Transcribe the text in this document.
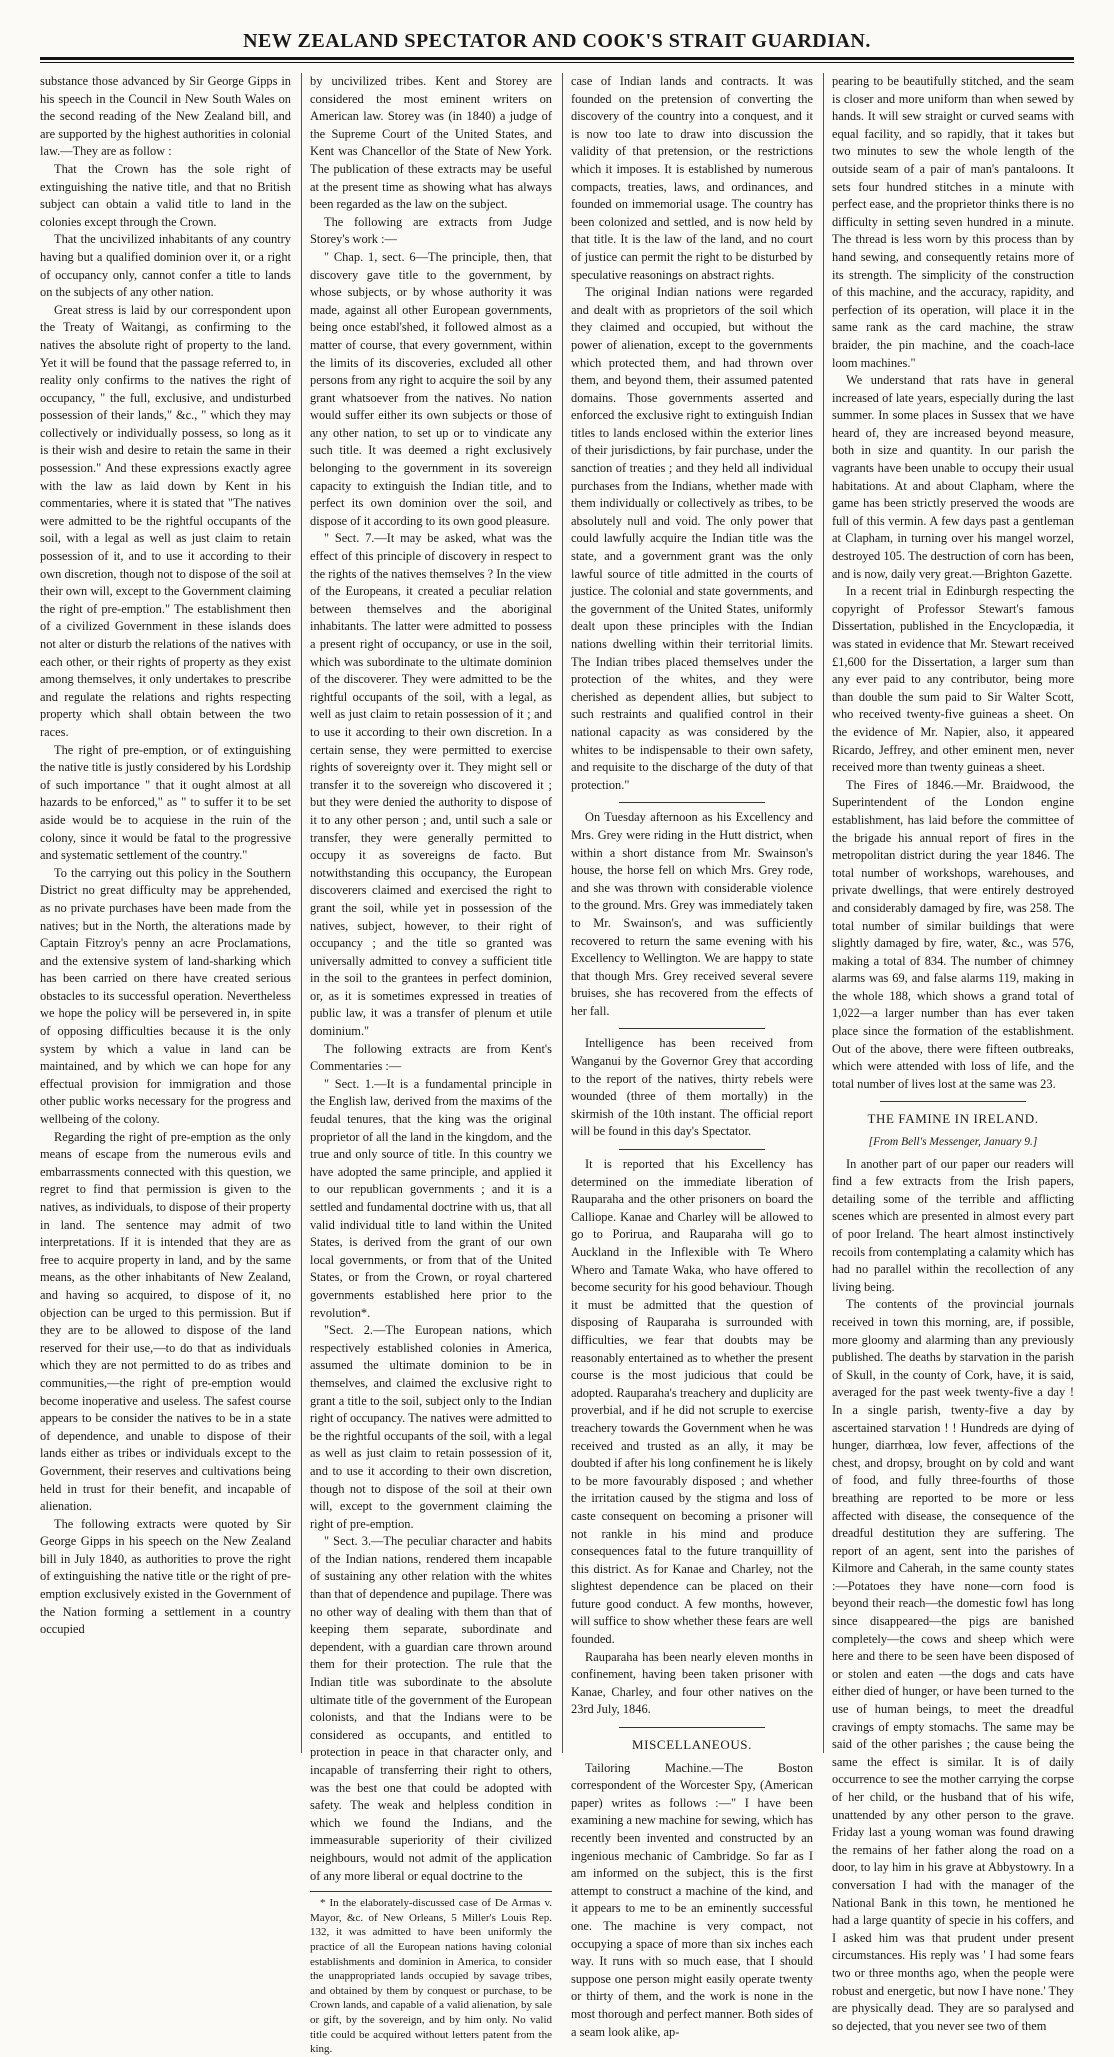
NEW ZEALAND SPECTATOR AND COOK'S STRAIT GUARDIAN.

substance those advanced by Sir George Gipps in his speech in the Council in New South Wales on the second reading of the New Zealand bill, and are supported by the highest authorities in colonial law.—They are as follow :

That the Crown has the sole right of extinguishing the native title, and that no British subject can obtain a valid title to land in the colonies except through the Crown.

That the uncivilized inhabitants of any country having but a qualified dominion over it, or a right of occupancy only, cannot confer a title to lands on the subjects of any other nation.

Great stress is laid by our correspondent upon the Treaty of Waitangi, as confirming to the natives the absolute right of property to the land. Yet it will be found that the passage referred to, in reality only confirms to the natives the right of occupancy, " the full, exclusive, and undisturbed possession of their lands," &c., " which they may collectively or individually possess, so long as it is their wish and desire to retain the same in their possession." And these expressions exactly agree with the law as laid down by Kent in his commentaries, where it is stated that "The natives were admitted to be the rightful occupants of the soil, with a legal as well as just claim to retain possession of it, and to use it according to their own discretion, though not to dispose of the soil at their own will, except to the Government claiming the right of pre-emption." The establishment then of a civilized Government in these islands does not alter or disturb the relations of the natives with each other, or their rights of property as they exist among themselves, it only undertakes to prescribe and regulate the relations and rights respecting property which shall obtain between the two races.

The right of pre-emption, or of extinguishing the native title is justly considered by his Lordship of such importance " that it ought almost at all hazards to be enforced," as " to suffer it to be set aside would be to acquiese in the ruin of the colony, since it would be fatal to the progressive and systematic settlement of the country."

To the carrying out this policy in the Southern District no great difficulty may be apprehended, as no private purchases have been made from the natives; but in the North, the alterations made by Captain Fitzroy's penny an acre Proclamations, and the extensive system of land-sharking which has been carried on there have created serious obstacles to its successful operation. Nevertheless we hope the policy will be persevered in, in spite of opposing difficulties because it is the only system by which a value in land can be maintained, and by which we can hope for any effectual provision for immigration and those other public works necessary for the progress and wellbeing of the colony.

Regarding the right of pre-emption as the only means of escape from the numerous evils and embarrassments connected with this question, we regret to find that permission is given to the natives, as individuals, to dispose of their property in land. The sentence may admit of two interpretations. If it is intended that they are as free to acquire property in land, and by the same means, as the other inhabitants of New Zealand, and having so acquired, to dispose of it, no objection can be urged to this permission. But if they are to be allowed to dispose of the land reserved for their use,—to do that as individuals which they are not permitted to do as tribes and communities,—the right of pre-emption would become inoperative and useless. The safest course appears to be consider the natives to be in a state of dependence, and unable to dispose of their lands either as tribes or individuals except to the Government, their reserves and cultivations being held in trust for their benefit, and incapable of alienation.

The following extracts were quoted by Sir George Gipps in his speech on the New Zealand bill in July 1840, as authorities to prove the right of extinguishing the native title or the right of pre-emption exclusively existed in the Government of the Nation forming a settlement in a country occupied

by uncivilized tribes. Kent and Storey are considered the most eminent writers on American law. Storey was (in 1840) a judge of the Supreme Court of the United States, and Kent was Chancellor of the State of New York. The publication of these extracts may be useful at the present time as showing what has always been regarded as the law on the subject.

The following are extracts from Judge Storey's work :—

" Chap. 1, sect. 6—The principle, then, that discovery gave title to the government, by whose subjects, or by whose authority it was made, against all other European governments, being once establ'shed, it followed almost as a matter of course, that every government, within the limits of its discoveries, excluded all other persons from any right to acquire the soil by any grant whatsoever from the natives. No nation would suffer either its own subjects or those of any other nation, to set up or to vindicate any such title. It was deemed a right exclusively belonging to the government in its sovereign capacity to extinguish the Indian title, and to perfect its own dominion over the soil, and dispose of it according to its own good pleasure.

" Sect. 7.—It may be asked, what was the effect of this principle of discovery in respect to the rights of the natives themselves ? In the view of the Europeans, it created a peculiar relation between themselves and the aboriginal inhabitants. The latter were admitted to possess a present right of occupancy, or use in the soil, which was subordinate to the ultimate dominion of the discoverer. They were admitted to be the rightful occupants of the soil, with a legal, as well as just claim to retain possession of it ; and to use it according to their own discretion. In a certain sense, they were permitted to exercise rights of sovereignty over it. They might sell or transfer it to the sovereign who discovered it ; but they were denied the authority to dispose of it to any other person ; and, until such a sale or transfer, they were generally permitted to occupy it as sovereigns de facto. But notwithstanding this occupancy, the European discoverers claimed and exercised the right to grant the soil, while yet in possession of the natives, subject, however, to their right of occupancy ; and the title so granted was universally admitted to convey a sufficient title in the soil to the grantees in perfect dominion, or, as it is sometimes expressed in treaties of public law, it was a transfer of plenum et utile dominium."

The following extracts are from Kent's Commentaries :—

" Sect. 1.—It is a fundamental principle in the English law, derived from the maxims of the feudal tenures, that the king was the original proprietor of all the land in the kingdom, and the true and only source of title. In this country we have adopted the same principle, and applied it to our republican governments ; and it is a settled and fundamental doctrine with us, that all valid individual title to land within the United States, is derived from the grant of our own local governments, or from that of the United States, or from the Crown, or royal chartered governments established here prior to the revolution*.

"Sect. 2.—The European nations, which respectively established colonies in America, assumed the ultimate dominion to be in themselves, and claimed the exclusive right to grant a title to the soil, subject only to the Indian right of occupancy. The natives were admitted to be the rightful occupants of the soil, with a legal as well as just claim to retain possession of it, and to use it according to their own discretion, though not to dispose of the soil at their own will, except to the government claiming the right of pre-emption.

" Sect. 3.—The peculiar character and habits of the Indian nations, rendered them incapable of sustaining any other relation with the whites than that of dependence and pupilage. There was no other way of dealing with them than that of keeping them separate, subordinate and dependent, with a guardian care thrown around them for their protection. The rule that the Indian title was subordinate to the absolute ultimate title of the government of the European colonists, and that the Indians were to be considered as occupants, and entitled to protection in peace in that character only, and incapable of transferring their right to others, was the best one that could be adopted with safety. The weak and helpless condition in which we found the Indians, and the immeasurable superiority of their civilized neighbours, would not admit of the application of any more liberal or equal doctrine to the

* In the elaborately-discussed case of De Armas v. Mayor, &c. of New Orleans, 5 Miller's Louis Rep. 132, it was admitted to have been uniformly the practice of all the European nations having colonial establishments and dominion in America, to consider the unappropriated lands occupied by savage tribes, and obtained by them by conquest or purchase, to be Crown lands, and capable of a valid alienation, by sale or gift, by the sovereign, and by him only. No valid title could be acquired without letters patent from the king.

case of Indian lands and contracts. It was founded on the pretension of converting the discovery of the country into a conquest, and it is now too late to draw into discussion the validity of that pretension, or the restrictions which it imposes. It is established by numerous compacts, treaties, laws, and ordinances, and founded on immemorial usage. The country has been colonized and settled, and is now held by that title. It is the law of the land, and no court of justice can permit the right to be disturbed by speculative reasonings on abstract rights.

The original Indian nations were regarded and dealt with as proprietors of the soil which they claimed and occupied, but without the power of alienation, except to the governments which protected them, and had thrown over them, and beyond them, their assumed patented domains. Those governments asserted and enforced the exclusive right to extinguish Indian titles to lands enclosed within the exterior lines of their jurisdictions, by fair purchase, under the sanction of treaties ; and they held all individual purchases from the Indians, whether made with them individually or collectively as tribes, to be absolutely null and void. The only power that could lawfully acquire the Indian title was the state, and a government grant was the only lawful source of title admitted in the courts of justice. The colonial and state governments, and the government of the United States, uniformly dealt upon these principles with the Indian nations dwelling within their territorial limits. The Indian tribes placed themselves under the protection of the whites, and they were cherished as dependent allies, but subject to such restraints and qualified control in their national capacity as was considered by the whites to be indispensable to their own safety, and requisite to the discharge of the duty of that protection."

On Tuesday afternoon as his Excellency and Mrs. Grey were riding in the Hutt district, when within a short distance from Mr. Swainson's house, the horse fell on which Mrs. Grey rode, and she was thrown with considerable violence to the ground. Mrs. Grey was immediately taken to Mr. Swainson's, and was sufficiently recovered to return the same evening with his Excellency to Wellington. We are happy to state that though Mrs. Grey received several severe bruises, she has recovered from the effects of her fall.

Intelligence has been received from Wanganui by the Governor Grey that according to the report of the natives, thirty rebels were wounded (three of them mortally) in the skirmish of the 10th instant. The official report will be found in this day's Spectator.

It is reported that his Excellency has determined on the immediate liberation of Rauparaha and the other prisoners on board the Calliope. Kanae and Charley will be allowed to go to Porirua, and Rauparaha will go to Auckland in the Inflexible with Te Whero Whero and Tamate Waka, who have offered to become security for his good behaviour. Though it must be admitted that the question of disposing of Rauparaha is surrounded with difficulties, we fear that doubts may be reasonably entertained as to whether the present course is the most judicious that could be adopted. Rauparaha's treachery and duplicity are proverbial, and if he did not scruple to exercise treachery towards the Government when he was received and trusted as an ally, it may be doubted if after his long confinement he is likely to be more favourably disposed ; and whether the irritation caused by the stigma and loss of caste consequent on becoming a prisoner will not rankle in his mind and produce consequences fatal to the future tranquillity of this district. As for Kanae and Charley, not the slightest dependence can be placed on their future good conduct. A few months, however, will suffice to show whether these fears are well founded.

Rauparaha has been nearly eleven months in confinement, having been taken prisoner with Kanae, Charley, and four other natives on the 23rd July, 1846.

MISCELLANEOUS.

Tailoring Machine.—The Boston correspondent of the Worcester Spy, (American paper) writes as follows :—" I have been examining a new machine for sewing, which has recently been invented and constructed by an ingenious mechanic of Cambridge. So far as I am informed on the subject, this is the first attempt to construct a machine of the kind, and it appears to me to be an eminently successful one. The machine is very compact, not occupying a space of more than six inches each way. It runs with so much ease, that I should suppose one person might easily operate twenty or thirty of them, and the work is none in the most thorough and perfect manner. Both sides of a seam look alike, ap-

pearing to be beautifully stitched, and the seam is closer and more uniform than when sewed by hands. It will sew straight or curved seams with equal facility, and so rapidly, that it takes but two minutes to sew the whole length of the outside seam of a pair of man's pantaloons. It sets four hundred stitches in a minute with perfect ease, and the proprietor thinks there is no difficulty in setting seven hundred in a minute. The thread is less worn by this process than by hand sewing, and consequently retains more of its strength. The simplicity of the construction of this machine, and the accuracy, rapidity, and perfection of its operation, will place it in the same rank as the card machine, the straw braider, the pin machine, and the coach-lace loom machines."

We understand that rats have in general increased of late years, especially during the last summer. In some places in Sussex that we have heard of, they are increased beyond measure, both in size and quantity. In our parish the vagrants have been unable to occupy their usual habitations. At and about Clapham, where the game has been strictly preserved the woods are full of this vermin. A few days past a gentleman at Clapham, in turning over his mangel worzel, destroyed 105. The destruction of corn has been, and is now, daily very great.—Brighton Gazette.

In a recent trial in Edinburgh respecting the copyright of Professor Stewart's famous Dissertation, published in the Encyclopædia, it was stated in evidence that Mr. Stewart received £1,600 for the Dissertation, a larger sum than any ever paid to any contributor, being more than double the sum paid to Sir Walter Scott, who received twenty-five guineas a sheet. On the evidence of Mr. Napier, also, it appeared Ricardo, Jeffrey, and other eminent men, never received more than twenty guineas a sheet.

The Fires of 1846.—Mr. Braidwood, the Superintendent of the London engine establishment, has laid before the committee of the brigade his annual report of fires in the metropolitan district during the year 1846. The total number of workshops, warehouses, and private dwellings, that were entirely destroyed and considerably damaged by fire, was 258. The total number of similar buildings that were slightly damaged by fire, water, &c., was 576, making a total of 834. The number of chimney alarms was 69, and false alarms 119, making in the whole 188, which shows a grand total of 1,022—a larger number than has ever taken place since the formation of the establishment. Out of the above, there were fifteen outbreaks, which were attended with loss of life, and the total number of lives lost at the same was 23.

THE FAMINE IN IRELAND.
[From Bell's Messenger, January 9.]

In another part of our paper our readers will find a few extracts from the Irish papers, detailing some of the terrible and afflicting scenes which are presented in almost every part of poor Ireland. The heart almost instinctively recoils from contemplating a calamity which has had no parallel within the recollection of any living being.

The contents of the provincial journals received in town this morning, are, if possible, more gloomy and alarming than any previously published. The deaths by starvation in the parish of Skull, in the county of Cork, have, it is said, averaged for the past week twenty-five a day ! In a single parish, twenty-five a day by ascertained starvation ! ! Hundreds are dying of hunger, diarrhœa, low fever, affections of the chest, and dropsy, brought on by cold and want of food, and fully three-fourths of those breathing are reported to be more or less affected with disease, the consequence of the dreadful destitution they are suffering. The report of an agent, sent into the parishes of Kilmore and Caherah, in the same county states :—Potatoes they have none—corn food is beyond their reach—the domestic fowl has long since disappeared—the pigs are banished completely—the cows and sheep which were here and there to be seen have been disposed of or stolen and eaten —the dogs and cats have either died of hunger, or have been turned to the use of human beings, to meet the dreadful cravings of empty stomachs. The same may be said of the other parishes ; the cause being the same the effect is similar. It is of daily occurrence to see the mother carrying the corpse of her child, or the husband that of his wife, unattended by any other person to the grave. Friday last a young woman was found drawing the remains of her father along the road on a door, to lay him in his grave at Abbystowry. In a conversation I had with the manager of the National Bank in this town, he mentioned he had a large quantity of specie in his coffers, and I asked him was that prudent under present circumstances. His reply was ' I had some fears two or three months ago, when the people were robust and energetic, but now I have none.' They are physically dead. They are so paralysed and so dejected, that you never see two of them
